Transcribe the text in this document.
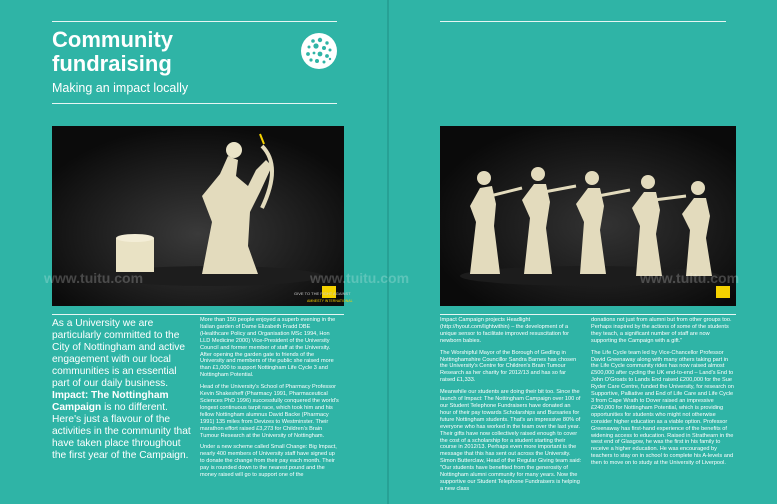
Community
fundraising
Making an impact locally
GIVE TO THE FIGHT AGAINST
AMNESTY INTERNATIONAL

As a University we are particularly committed to the City of Nottingham and active engagement with our local communities is an essential part of our daily business. Impact: The Nottingham Campaign is no different. Here's just a flavour of the activities in the community that have taken place throughout the first year of the Campaign.

More than 150 people enjoyed a superb evening in the Italian garden of Dame Elizabeth Fradd DBE (Healthcare Policy and Organisation MSc 1994, Hon LLD Medicine 2000) Vice-President of the University Council and former member of staff at the University. After opening the garden gate to friends of the University and members of the public she raised more than £1,000 to support Nottingham Life Cycle 3 and Nottingham Potential.

Head of the University's School of Pharmacy Professor Kevin Shakesheff (Pharmacy 1991, Pharmaceutical Sciences PhD 1996) successfully conquered the world's longest continuous tarpit race, which took him and his fellow Nottingham alumnus David Backe (Pharmacy 1991) 135 miles from Devizes to Westminster. Their marathon effort raised £3,273 for Children's Brain Tumour Research at the University of Nottingham.

Under a new scheme called Small Change: Big Impact, nearly 400 members of University staff have signed up to donate the change from their pay each month. Their pay is rounded down to the nearest pound and the money raised will go to support one of the

Impact Campaign projects Headlight (http://hyout.com/lightwithin) – the development of a unique sensor to facilitate improved resuscitation for newborn babies.

The Worshipful Mayor of the Borough of Gedling in Nottinghamshire Councillor Sandra Barnes has chosen the University's Centre for Children's Brain Tumour Research as her charity for 2012/13 and has so far raised £1,333.

Meanwhile our students are doing their bit too. Since the launch of Impact: The Nottingham Campaign over 100 of our Student Telephone Fundraisers have donated an hour of their pay towards Scholarships and Bursaries for future Nottingham students. That's an impressive 80% of everyone who has worked in the team over the last year. Their gifts have now collectively raised enough to cover the cost of a scholarship for a student starting their course in 2012/13. Perhaps even more important is the message that this has sent out across the University. Simon Butterclaw, Head of the Regular Giving team said: "Our students have benefited from the generosity of Nottingham alumni community for many years. Now the supportive our Student Telephone Fundraisers is helping a new class

donations not just from alumni but from other groups too. Perhaps inspired by the actions of some of the students they teach, a significant number of staff are now supporting the Campaign with a gift."

The Life Cycle team led by Vice-Chancellor Professor David Greenaway along with many others taking part in the Life Cycle community rides has now raised almost £500,000 after cycling the UK end-to-end – Land's End to John O'Groats to Lands End raised £200,000 for the Sue Ryder Care Centre, funded the University, for research on Supportive, Palliative and End of Life Care and Life Cycle 3 from Cape Wrath to Dover raised an impressive £240,000 for Nottingham Potential, which is providing opportunities for students who might not otherwise consider higher education as a viable option. Professor Greenaway has first-hand experience of the benefits of widening access to education. Raised in Strathearn in the west end of Glasgow, he was the first in his family to receive a higher education. He was encouraged by teachers to stay on in school to complete his A-levels and then to move on to study at the University of Liverpool.

www.tuitu.com	www.tuitu.com	www.tuitu.com
